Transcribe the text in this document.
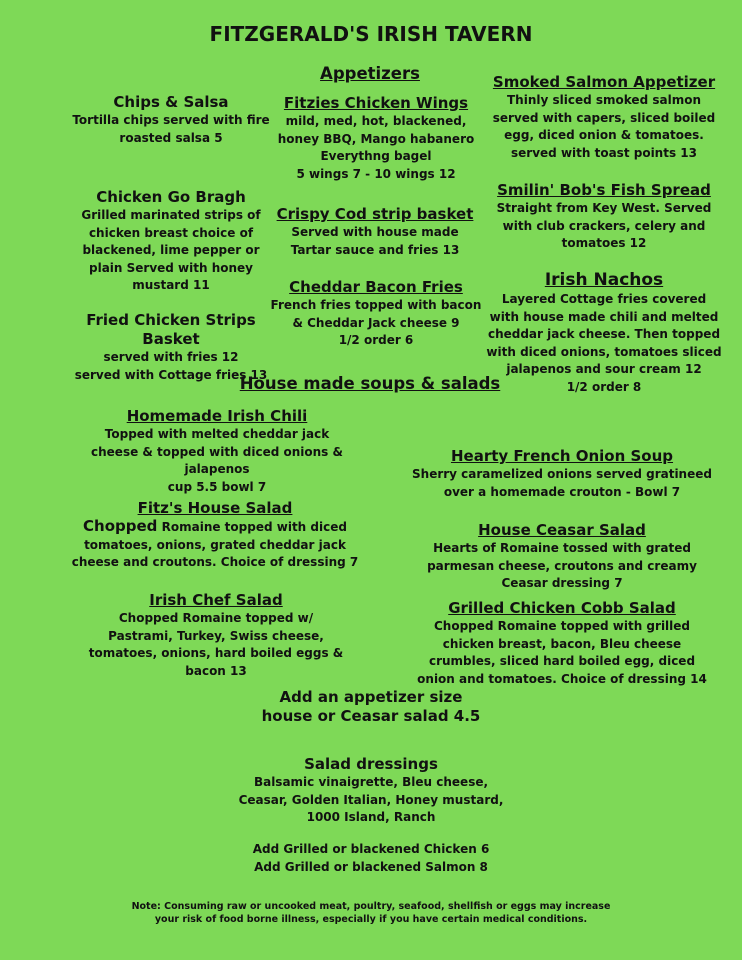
FITZGERALD'S IRISH TAVERN
Appetizers
Chips & Salsa
Tortilla chips served with fire roasted salsa 5
Chicken Go Bragh
Grilled marinated strips of chicken breast choice of blackened, lime pepper or plain Served with honey mustard 11
Fried Chicken Strips Basket
served with fries 12
served with Cottage fries 13
Fitzies Chicken Wings
mild, med, hot, blackened, honey BBQ, Mango habanero Everythng bagel
5 wings 7 - 10 wings 12
Crispy Cod strip basket
Served with house made Tartar sauce and fries 13
Cheddar Bacon Fries
French fries topped with bacon & Cheddar Jack cheese 9
1/2 order 6
Smoked Salmon Appetizer
Thinly sliced smoked salmon served with capers, sliced boiled egg, diced onion & tomatoes. served with toast points 13
Smilin' Bob's Fish Spread
Straight from Key West. Served with club crackers, celery and tomatoes 12
Irish Nachos
Layered Cottage fries covered with house made chili and melted cheddar jack cheese. Then topped with diced onions, tomatoes sliced jalapenos and sour cream 12
1/2 order 8
House made soups & salads
Homemade Irish Chili
Topped with melted cheddar jack cheese & topped with diced onions & jalapenos
cup 5.5 bowl 7
Fitz's House Salad
Chopped Romaine topped with diced tomatoes, onions, grated cheddar jack cheese and croutons. Choice of dressing 7
Irish Chef Salad
Chopped Romaine topped w/ Pastrami, Turkey, Swiss cheese, tomatoes, onions, hard boiled eggs & bacon 13
Hearty French Onion Soup
Sherry caramelized onions served gratineed over a homemade crouton - Bowl 7
House Ceasar Salad
Hearts of Romaine tossed with grated parmesan cheese, croutons and creamy Ceasar dressing 7
Grilled Chicken Cobb Salad
Chopped Romaine topped with grilled chicken breast, bacon, Bleu cheese crumbles, sliced hard boiled egg, diced onion and tomatoes. Choice of dressing 14
Add an appetizer size
house or Ceasar salad 4.5
Salad dressings
Balsamic vinaigrette, Bleu cheese, Ceasar, Golden Italian, Honey mustard, 1000 Island, Ranch
Add Grilled or blackened Chicken 6
Add Grilled or blackened Salmon 8
Note: Consuming raw or uncooked meat, poultry, seafood, shellfish or eggs may increase your risk of food borne illness, especially if you have certain medical conditions.
